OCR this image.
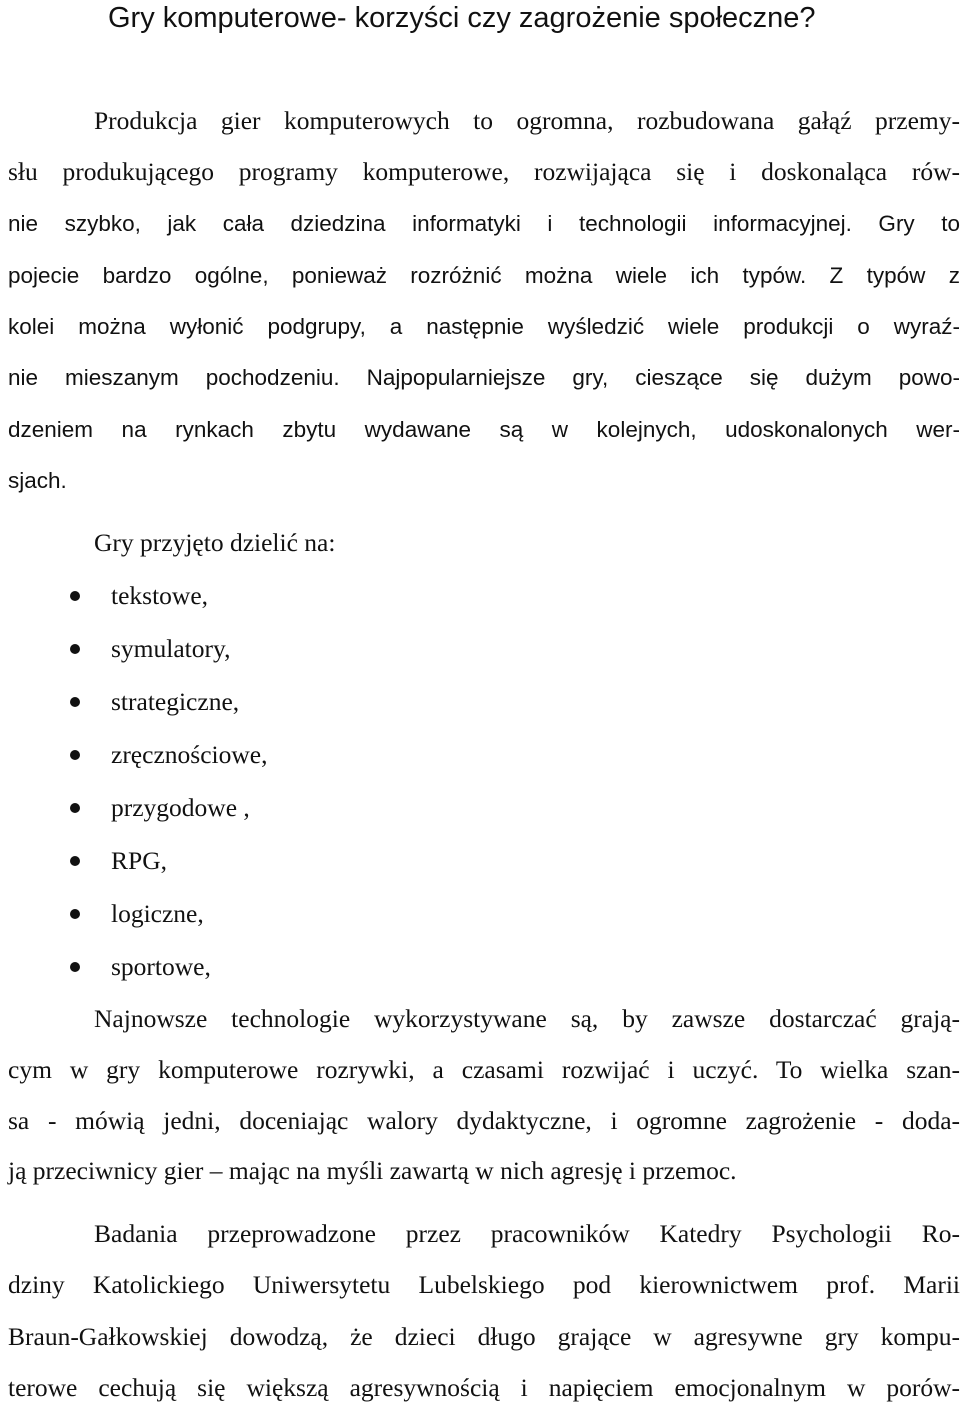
Gry komputerowe- korzyści czy zagrożenie społeczne?
Produkcja gier komputerowych to ogromna, rozbudowana gałąź przemy-
słu produkującego programy komputerowe, rozwijająca się i doskonaląca rów-
nie szybko, jak cała dziedzina informatyki i technologii informacyjnej. Gry to
pojecie bardzo ogólne, ponieważ rozróżnić można wiele ich typów. Z typów z
kolei można wyłonić podgrupy, a następnie wyśledzić wiele produkcji o wyraź-
nie mieszanym pochodzeniu. Najpopularniejsze gry, cieszące się dużym powo-
dzeniem na rynkach zbytu wydawane są w kolejnych, udoskonalonych wer-
sjach.
Gry przyjęto dzielić na:
tekstowe,
symulatory,
strategiczne,
zręcznościowe,
przygodowe ,
RPG,
logiczne,
sportowe,
Najnowsze technologie wykorzystywane są, by zawsze dostarczać grają-
cym w gry komputerowe rozrywki, a czasami rozwijać i uczyć. To wielka szan-
sa - mówią jedni, doceniając walory dydaktyczne, i ogromne zagrożenie - doda-
ją przeciwnicy gier – mając na myśli zawartą w nich agresję i przemoc.
Badania przeprowadzone przez pracowników Katedry Psychologii Ro-
dziny Katolickiego Uniwersytetu Lubelskiego pod kierownictwem prof. Marii
Braun-Gałkowskiej dowodzą, że dzieci długo grające w agresywne gry kompu-
terowe cechują się większą agresywnością i napięciem emocjonalnym w porów-
